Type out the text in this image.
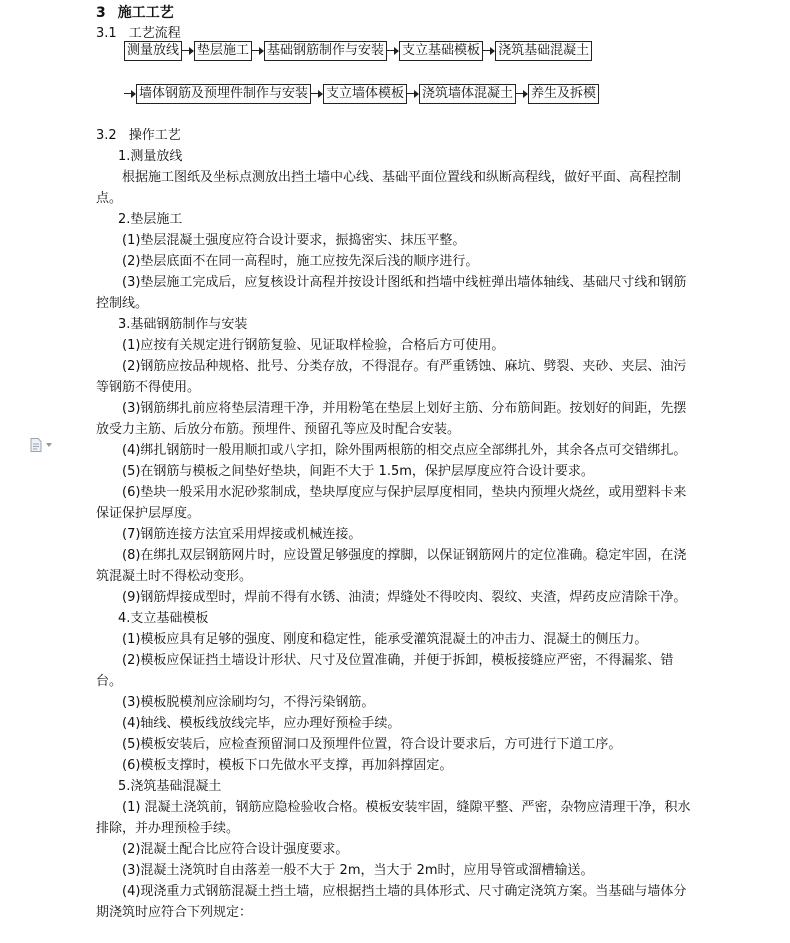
3 施工工艺
3.1 工艺流程
测量放线 垫层施工 基础钢筋制作与安装 支立基础模板 浇筑基础混凝土
墙体钢筋及预埋件制作与安装 支立墙体模板 浇筑墙体混凝土 养生及拆模
3.2 操作工艺

1.测量放线

根据施工图纸及坐标点测放出挡土墙中心线、基础平面位置线和纵断高程线，做好平面、高程控制点。

2.垫层施工

(1)垫层混凝土强度应符合设计要求，振捣密实、抹压平整。

(2)垫层底面不在同一高程时，施工应按先深后浅的顺序进行。

(3)垫层施工完成后，应复核设计高程并按设计图纸和挡墙中线桩弹出墙体轴线、基础尺寸线和钢筋控制线。

3.基础钢筋制作与安装

(1)应按有关规定进行钢筋复验、见证取样检验，合格后方可使用。

(2)钢筋应按品种规格、批号、分类存放，不得混存。有严重锈蚀、麻坑、劈裂、夹砂、夹层、油污等钢筋不得使用。

(3)钢筋绑扎前应将垫层清理干净，并用粉笔在垫层上划好主筋、分布筋间距。按划好的间距，先摆放受力主筋、后放分布筋。预埋件、预留孔等应及时配合安装。

(4)绑扎钢筋时一般用顺扣或八字扣，除外围两根筋的相交点应全部绑扎外，其余各点可交错绑扎。

(5)在钢筋与模板之间垫好垫块，间距不大于 1.5m，保护层厚度应符合设计要求。

(6)垫块一般采用水泥砂浆制成，垫块厚度应与保护层厚度相同，垫块内预埋火烧丝，或用塑料卡来保证保护层厚度。

(7)钢筋连接方法宜采用焊接或机械连接。

(8)在绑扎双层钢筋网片时，应设置足够强度的撑脚，以保证钢筋网片的定位准确。稳定牢固，在浇筑混凝土时不得松动变形。

(9)钢筋焊接成型时，焊前不得有水锈、油渍；焊缝处不得咬肉、裂纹、夹渣，焊药皮应清除干净。

4.支立基础模板

(1)模板应具有足够的强度、刚度和稳定性，能承受灌筑混凝土的冲击力、混凝土的侧压力。

(2)模板应保证挡土墙设计形状、尺寸及位置准确，并便于拆卸，模板接缝应严密，不得漏浆、错台。

(3)模板脱模剂应涂刷均匀，不得污染钢筋。

(4)轴线、模板线放线完毕，应办理好预检手续。

(5)模板安装后，应检查预留洞口及预埋件位置，符合设计要求后，方可进行下道工序。

(6)模板支撑时，模板下口先做水平支撑，再加斜撑固定。

5.浇筑基础混凝土

(1) 混凝土浇筑前，钢筋应隐检验收合格。模板安装牢固，缝隙平整、严密，杂物应清理干净，积水排除，并办理预检手续。

(2)混凝土配合比应符合设计强度要求。

(3)混凝土浇筑时自由落差一般不大于 2m，当大于 2m时，应用导管或溜槽输送。

(4)现浇重力式钢筋混凝土挡土墙，应根据挡土墙的具体形式、尺寸确定浇筑方案。当基础与墙体分期浇筑时应符合下列规定：
